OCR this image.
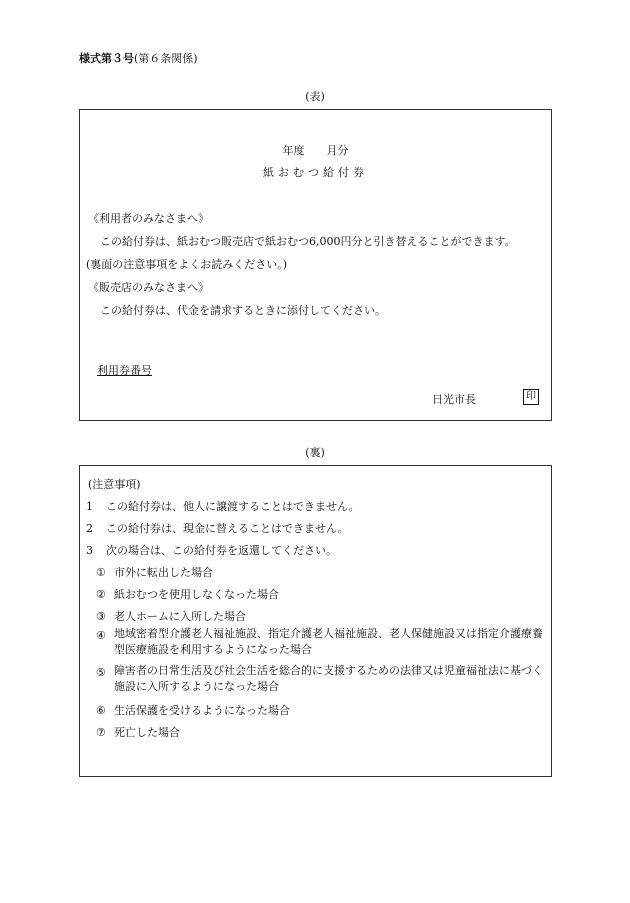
様式第３号(第６条関係)
(表)
年度　　月分
紙おむつ給付券
《利用者のみなさまへ》
この給付券は、紙おむつ販売店で紙おむつ6,000円分と引き替えることができます。
(裏面の注意事項をよくお読みください。)
《販売店のみなさまへ》
この給付券は、代金を請求するときに添付してください。
利用券番号
日光市長	印
(裏)
(注意事項)
1 この給付券は、他人に譲渡することはできません。
2 この給付券は、現金に替えることはできません。
3 次の場合は、この給付券を返還してください。
① 市外に転出した場合
② 紙おむつを使用しなくなった場合
③ 老人ホームに入所した場合
④ 地域密着型介護老人福祉施設、指定介護老人福祉施設、老人保健施設又は指定介護療養型医療施設を利用するようになった場合
⑤ 障害者の日常生活及び社会生活を総合的に支援するための法律又は児童福祉法に基づく施設に入所するようになった場合
⑥ 生活保護を受けるようになった場合
⑦ 死亡した場合
